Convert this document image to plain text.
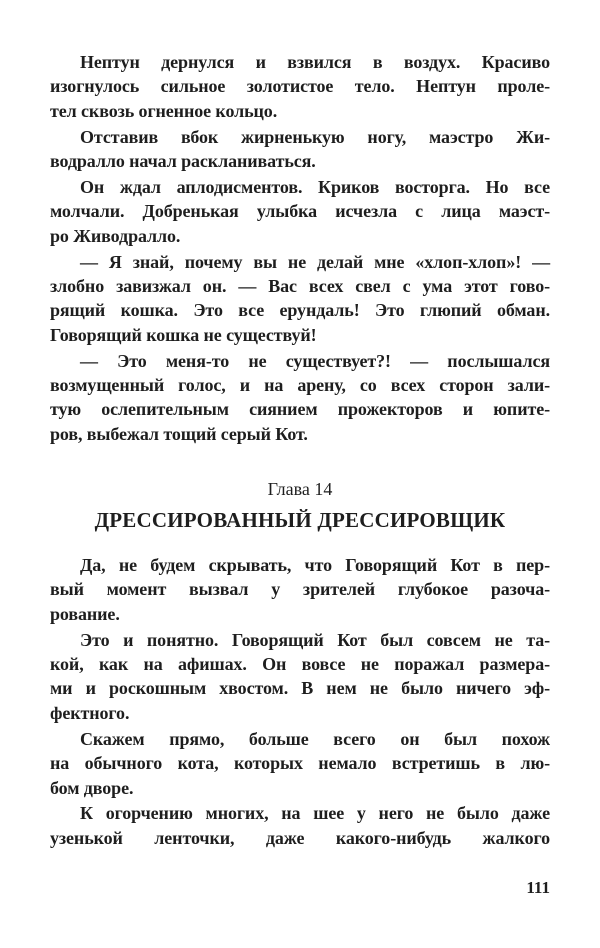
Нептун дернулся и взвился в воздух. Красиво
изогнулось сильное золотистое тело. Нептун проле-
тел сквозь огненное кольцо.
Отставив вбок жирненькую ногу, маэстро Жи-
водралло начал раскланиваться.
Он ждал аплодисментов. Криков восторга. Но все
молчали. Добренькая улыбка исчезла с лица маэст-
ро Живодралло.
— Я знай, почему вы не делай мне «хлоп-хлоп»! —
злобно завизжал он. — Вас всех свел с ума этот гово-
рящий кошка. Это все ерундаль! Это глюпий обман.
Говорящий кошка не существуй!
— Это меня-то не существует?! — послышался
возмущенный голос, и на арену, со всех сторон зали-
тую ослепительным сиянием прожекторов и юпите-
ров, выбежал тощий серый Кот.
Глава 14
ДРЕССИРОВАННЫЙ ДРЕССИРОВЩИК
Да, не будем скрывать, что Говорящий Кот в пер-
вый момент вызвал у зрителей глубокое разоча-
рование.
Это и понятно. Говорящий Кот был совсем не та-
кой, как на афишах. Он вовсе не поражал размера-
ми и роскошным хвостом. В нем не было ничего эф-
фектного.
Скажем прямо, больше всего он был похож
на обычного кота, которых немало встретишь в лю-
бом дворе.
К огорчению многих, на шее у него не было даже
узенькой ленточки, даже какого-нибудь жалкого
111
